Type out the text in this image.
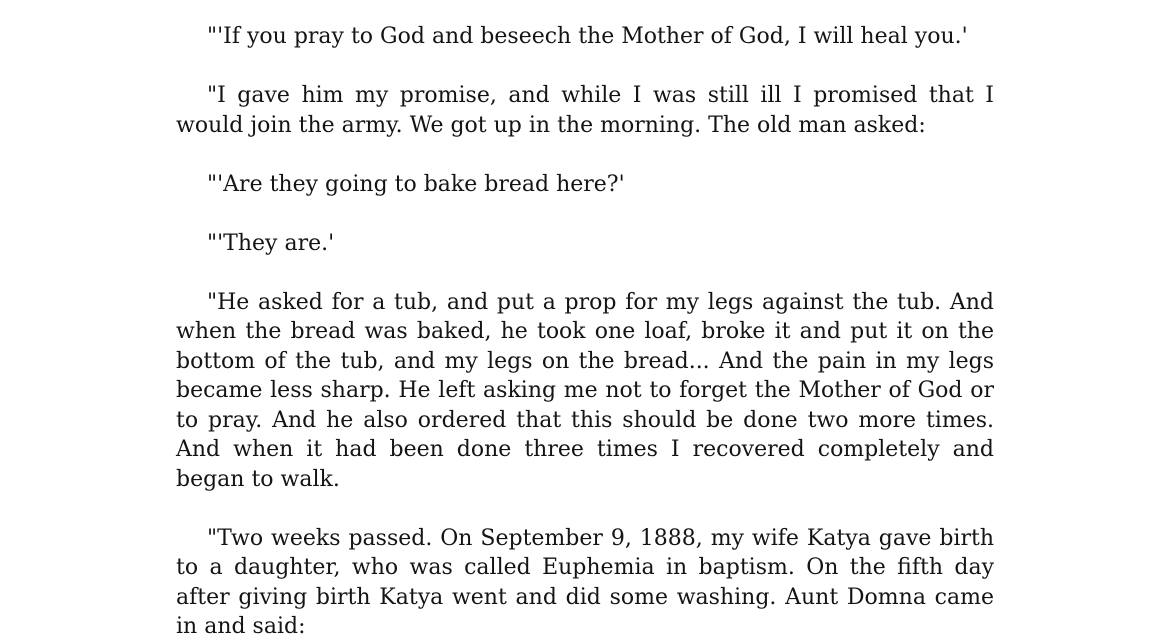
"'If you pray to God and beseech the Mother of God, I will heal you.'

"I gave him my promise, and while I was still ill I promised that I would join the army. We got up in the morning. The old man asked:

"'Are they going to bake bread here?'

"'They are.'

"He asked for a tub, and put a prop for my legs against the tub. And when the bread was baked, he took one loaf, broke it and put it on the bottom of the tub, and my legs on the bread... And the pain in my legs became less sharp. He left asking me not to forget the Mother of God or to pray. And he also ordered that this should be done two more times. And when it had been done three times I recovered completely and began to walk.

"Two weeks passed. On September 9, 1888, my wife Katya gave birth to a daughter, who was called Euphemia in baptism. On the fifth day after giving birth Katya went and did some washing. Aunt Domna came in and said:
